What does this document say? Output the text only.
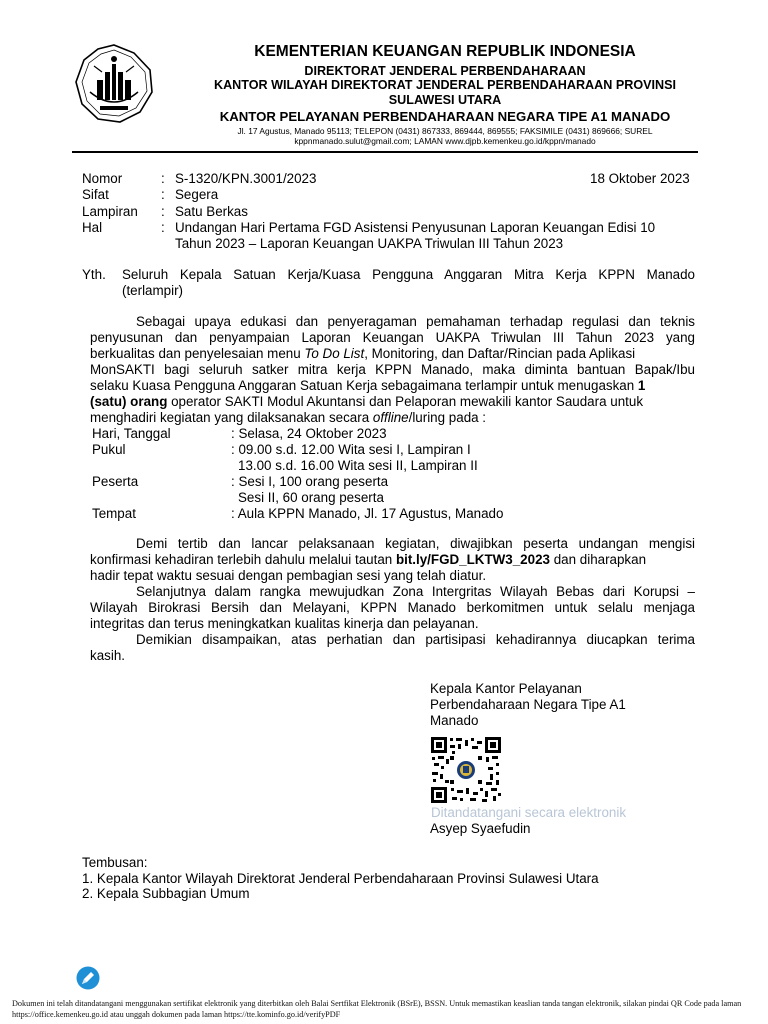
KEMENTERIAN KEUANGAN REPUBLIK INDONESIA
DIREKTORAT JENDERAL PERBENDAHARAAN
KANTOR WILAYAH DIREKTORAT JENDERAL PERBENDAHARAAN PROVINSI
SULAWESI UTARA
KANTOR PELAYANAN PERBENDAHARAAN NEGARA TIPE A1 MANADO
Jl. 17 Agustus, Manado 95113; TELEPON (0431) 867333, 869444, 869555; FAKSIMILE (0431) 869666; SUREL
kppnmanado.sulut@gmail.com; LAMAN www.djpb.kemenkeu.go.id/kppn/manado
Nomor	: S-1320/KPN.3001/2023	18 Oktober 2023
Sifat	: Segera
Lampiran : Satu Berkas
Hal	: Undangan Hari Pertama FGD Asistensi Penyusunan Laporan Keuangan Edisi 10
Tahun 2023 – Laporan Keuangan UAKPA Triwulan III Tahun 2023
Yth. Seluruh Kepala Satuan Kerja/Kuasa Pengguna Anggaran Mitra Kerja KPPN Manado
(terlampir)
Sebagai upaya edukasi dan penyeragaman pemahaman terhadap regulasi dan teknis
penyusunan dan penyampaian Laporan Keuangan UAKPA Triwulan III Tahun 2023 yang
berkualitas dan penyelesaian menu To Do List, Monitoring, dan Daftar/Rincian pada Aplikasi
MonSAKTI bagi seluruh satker mitra kerja KPPN Manado, maka diminta bantuan Bapak/Ibu
selaku Kuasa Pengguna Anggaran Satuan Kerja sebagaimana terlampir untuk menugaskan 1
(satu) orang operator SAKTI Modul Akuntansi dan Pelaporan mewakili kantor Saudara untuk
menghadiri kegiatan yang dilaksanakan secara offline/luring pada :
Hari, Tanggal	: Selasa, 24 Oktober 2023
Pukul	: 09.00 s.d. 12.00 Wita sesi I, Lampiran I
13.00 s.d. 16.00 Wita sesi II, Lampiran II
Peserta	: Sesi I, 100 orang peserta
Sesi II, 60 orang peserta
Tempat	: Aula KPPN Manado, Jl. 17 Agustus, Manado
Demi tertib dan lancar pelaksanaan kegiatan, diwajibkan peserta undangan mengisi
konfirmasi kehadiran terlebih dahulu melalui tautan bit.ly/FGD_LKTW3_2023 dan diharapkan
hadir tepat waktu sesuai dengan pembagian sesi yang telah diatur.
Selanjutnya dalam rangka mewujudkan Zona Intergritas Wilayah Bebas dari Korupsi –
Wilayah Birokrasi Bersih dan Melayani, KPPN Manado berkomitmen untuk selalu menjaga
integritas dan terus meningkatkan kualitas kinerja dan pelayanan.
Demikian disampaikan, atas perhatian dan partisipasi kehadirannya diucapkan terima
kasih.
Kepala Kantor Pelayanan
Perbendaharaan Negara Tipe A1
Manado
Ditandatangani secara elektronik
Asyep Syaefudin
Tembusan:
1. Kepala Kantor Wilayah Direktorat Jenderal Perbendaharaan Provinsi Sulawesi Utara
2. Kepala Subbagian Umum
Dokumen ini telah ditandatangani menggunakan sertifikat elektronik yang diterbitkan oleh Balai Sertfikat Elektronik (BSrE), BSSN. Untuk memastikan keaslian tanda tangan elektronik, silakan pindai QR Code pada laman https://office.kemenkeu.go.id atau unggah dokumen pada laman https://tte.kominfo.go.id/verifyPDF
